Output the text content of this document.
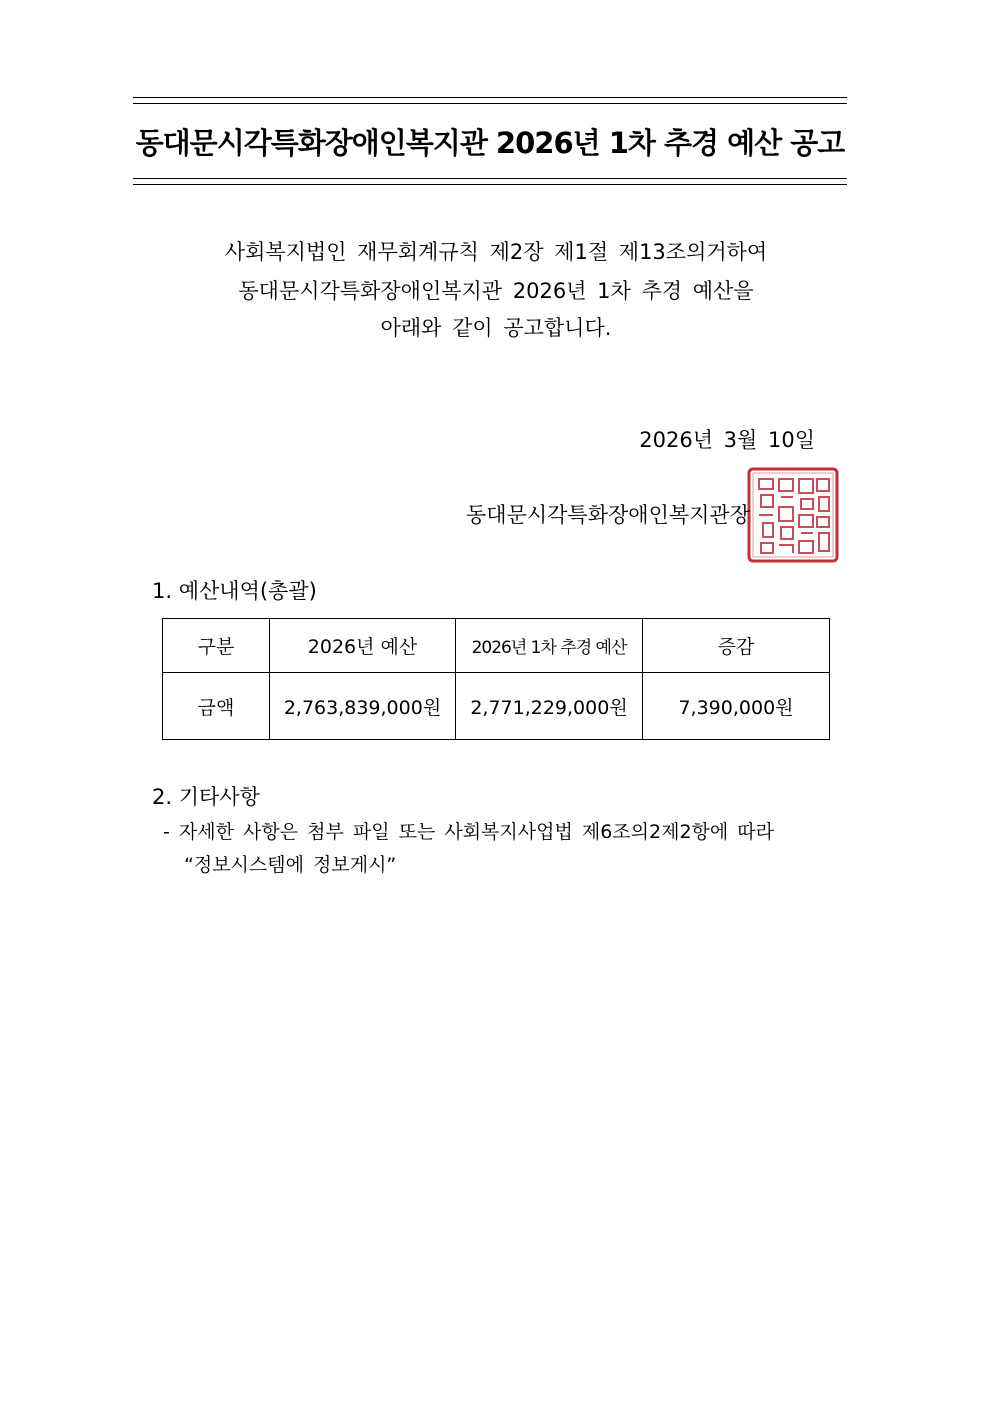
동대문시각특화장애인복지관 2026년 1차 추경 예산 공고
사회복지법인 재무회계규칙 제2장 제1절 제13조의거하여
동대문시각특화장애인복지관 2026년 1차 추경 예산을
아래와 같이 공고합니다.
2026년 3월 10일
동대문시각특화장애인복지관장
1. 예산내역(총괄)
구분	2026년 예산	2026년 1차 추경 예산	증감
금액	2,763,839,000원	2,771,229,000원	7,390,000원
2. 기타사항
- 자세한 사항은 첨부 파일 또는 사회복지사업법 제6조의2제2항에 따라
“정보시스템에 정보게시”
